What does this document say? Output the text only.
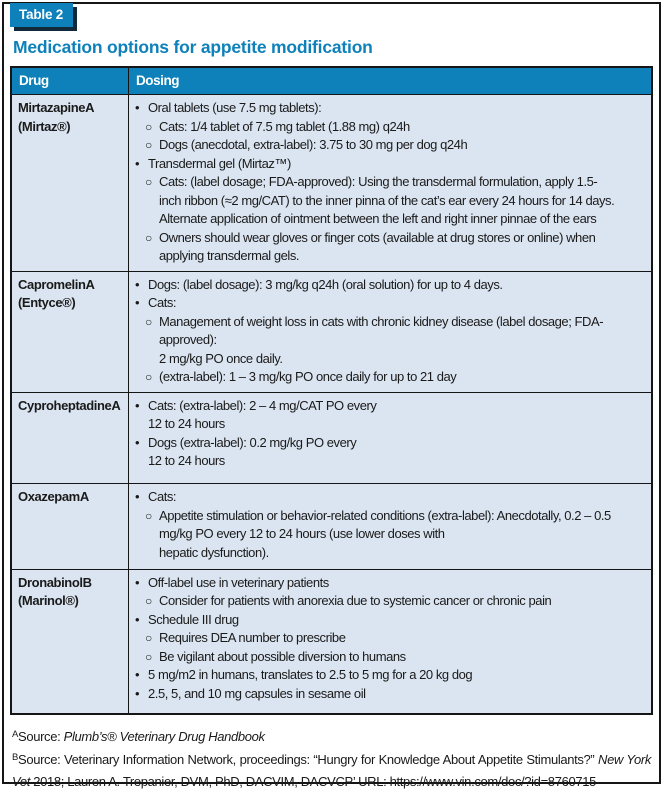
Table 2
Medication options for appetite modification
Drug	Dosing
MirtazapineA
(Mirtaz®)
• Oral tablets (use 7.5 mg tablets):
○ Cats: 1/4 tablet of 7.5 mg tablet (1.88 mg) q24h
○ Dogs (anecdotal, extra-label): 3.75 to 30 mg per dog q24h
• Transdermal gel (Mirtaz™)
○ Cats: (label dosage; FDA-approved): Using the transdermal formulation, apply 1.5-
inch ribbon (≈2 mg/CAT) to the inner pinna of the cat’s ear every 24 hours for 14 days.
Alternate application of ointment between the left and right inner pinnae of the ears
○ Owners should wear gloves or finger cots (available at drug stores or online) when
applying transdermal gels.
CapromelinA
(Entyce®)
• Dogs: (label dosage): 3 mg/kg q24h (oral solution) for up to 4 days.
• Cats:
○ Management of weight loss in cats with chronic kidney disease (label dosage; FDA-
approved):
2 mg/kg PO once daily.
○ (extra-label): 1 – 3 mg/kg PO once daily for up to 21 day
CyproheptadineA • Cats: (extra-label): 2 – 4 mg/CAT PO every
12 to 24 hours
• Dogs (extra-label): 0.2 mg/kg PO every
12 to 24 hours
OxazepamA	• Cats:
○ Appetite stimulation or behavior-related conditions (extra-label): Anecdotally, 0.2 – 0.5
mg/kg PO every 12 to 24 hours (use lower doses with
hepatic dysfunction).
DronabinolB
(Marinol®)
• Off-label use in veterinary patients
○ Consider for patients with anorexia due to systemic cancer or chronic pain
• Schedule III drug
○ Requires DEA number to prescribe
○ Be vigilant about possible diversion to humans
• 5 mg/m2 in humans, translates to 2.5 to 5 mg for a 20 kg dog
• 2.5, 5, and 10 mg capsules in sesame oil
$^A$Source: Plumb’s® Veterinary Drug Handbook
$^B$Source: Veterinary Information Network, proceedings: “Hungry for Knowledge About Appetite Stimulants?” New York Vet 2018; Lauren A. Trepanier, DVM, PhD, DACVIM, DACVCP’ URL: https://www.vin.com/doc/?id=8760715
